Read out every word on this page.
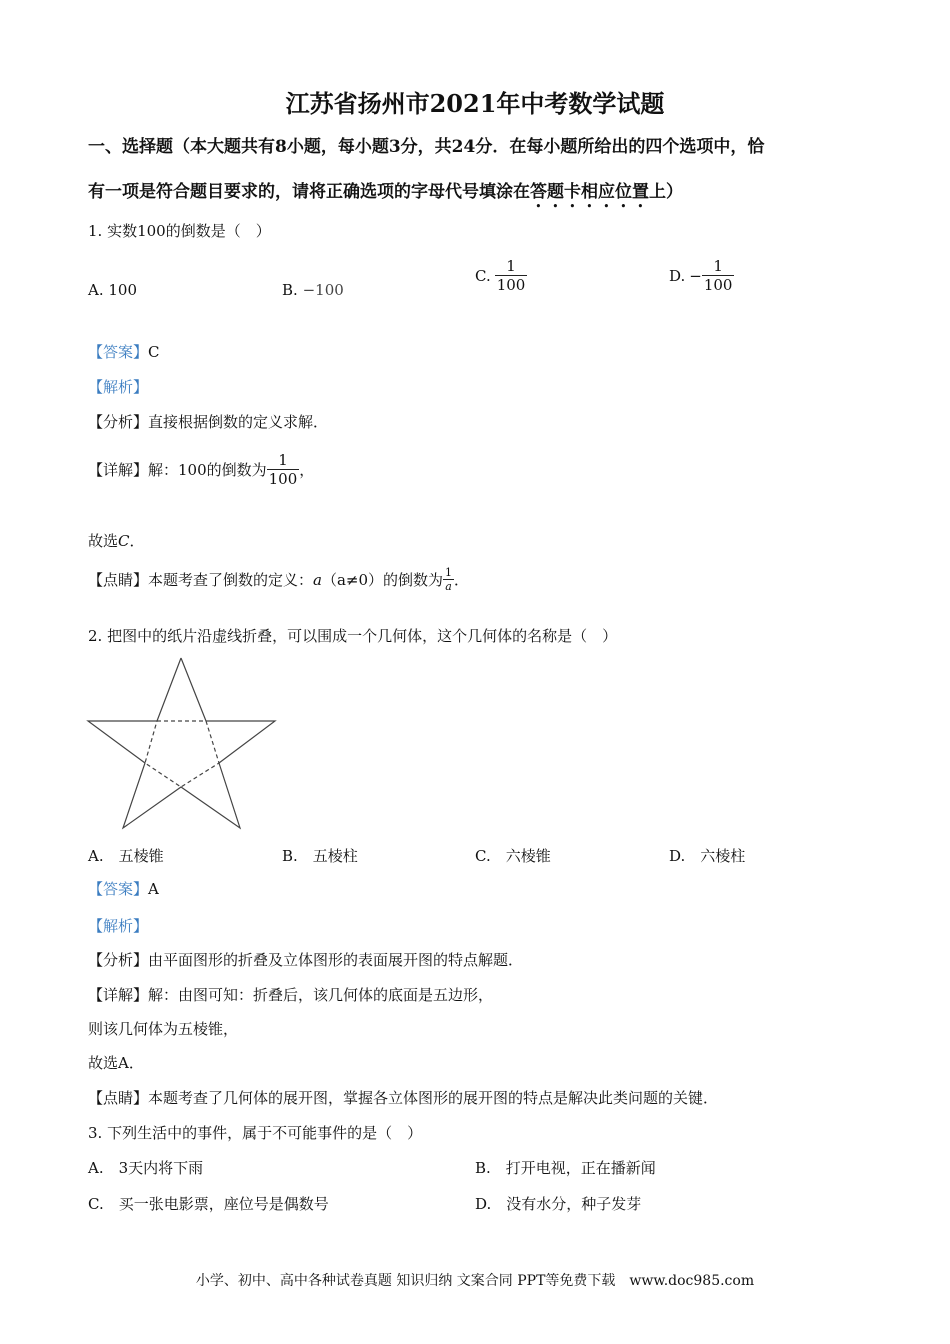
江苏省扬州市2021年中考数学试题
一、选择题（本大题共有8小题，每小题3分，共24分．在每小题所给出的四个选项中，恰
有一项是符合题目要求的，请将正确选项的字母代号填涂在答题卡相应位置上）
1. 实数100的倒数是（　）
A. 100	B. −100
C. $\frac{1}{100}$	D. − $\frac{1}{100}$
【答案】C
【解析】
【分析】直接根据倒数的定义求解．
【详解】解：100的倒数为 $\frac{1}{100}$ ，
故选C．
【点睛】本题考查了倒数的定义： a （a≠0）的倒数为 $\frac{1}{a}$ ．
2. 把图中的纸片沿虚线折叠，可以围成一个几何体，这个几何体的名称是（　）
A.　五棱锥	B.　五棱柱	C.　六棱锥	D.　六棱柱
【答案】A
【解析】
【分析】由平面图形的折叠及立体图形的表面展开图的特点解题．
【详解】解：由图可知：折叠后，该几何体的底面是五边形，
则该几何体为五棱锥，
故选A．
【点睛】本题考查了几何体的展开图，掌握各立体图形的展开图的特点是解决此类问题的关键．
3. 下列生活中的事件，属于不可能事件的是（　）
A.　3天内将下雨	B.　打开电视，正在播新闻
C.　买一张电影票，座位号是偶数号	D.　没有水分，种子发芽
小学、初中、高中各种试卷真题 知识归纳 文案合同 PPT等免费下载　www.doc985.com
